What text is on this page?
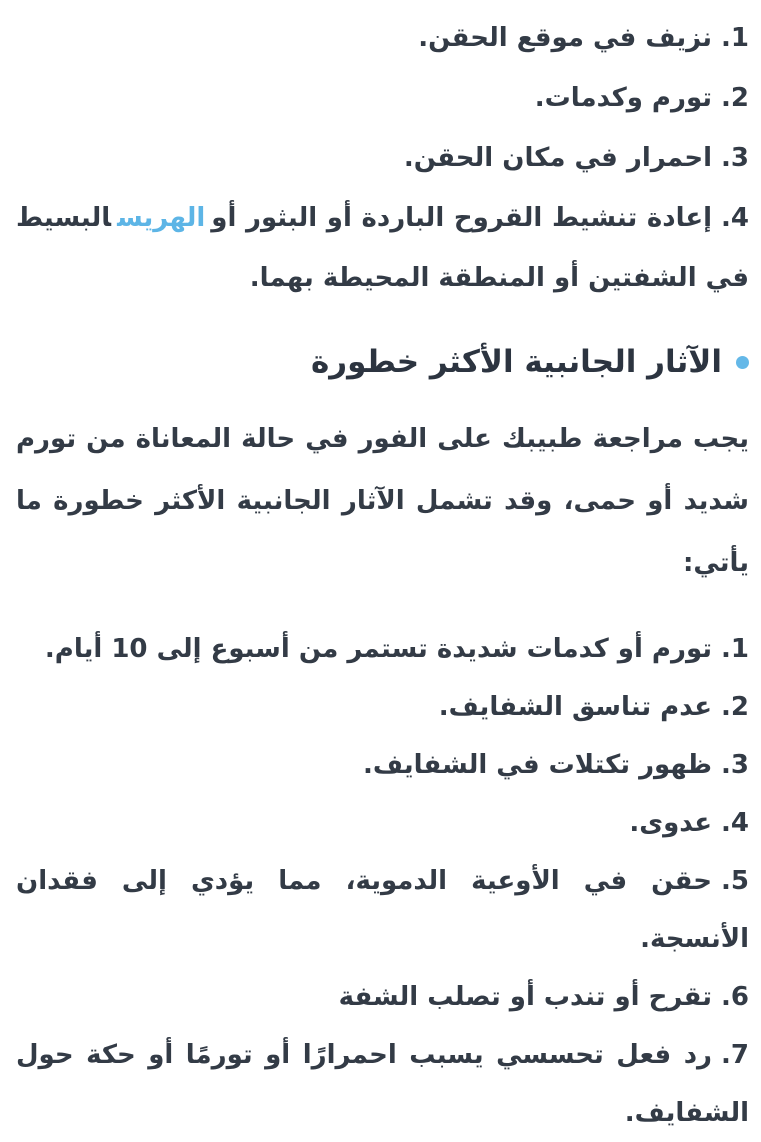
1.نزيف في موقع الحقن.
2.تورم وكدمات.
3.احمرار في مكان الحقن.
4.إعادة تنشيط القروح الباردة أو البثور أوالهريسالبسيط في الشفتين أو المنطقة المحيطة بهما.
الآثار الجانبية الأكثر خطورة

يجب مراجعة طبيبك على الفور في حالة المعاناة من تورم شديد أو حمى، وقد تشمل الآثار الجانبية الأكثر خطورة ما يأتي:

1.تورم أو كدمات شديدة تستمر من أسبوع إلى 10 أيام.
2.عدم تناسق الشفايف.
3.ظهور تكتلات في الشفايف.
4.عدوى.
5.حقن في الأوعية الدموية، مما يؤدي إلى فقدان الأنسجة.
6.تقرح أو تندب أو تصلب الشفة
7.رد فعل تحسسي يسبب احمرارًا أو تورمًا أو حكة حول الشفايف.
